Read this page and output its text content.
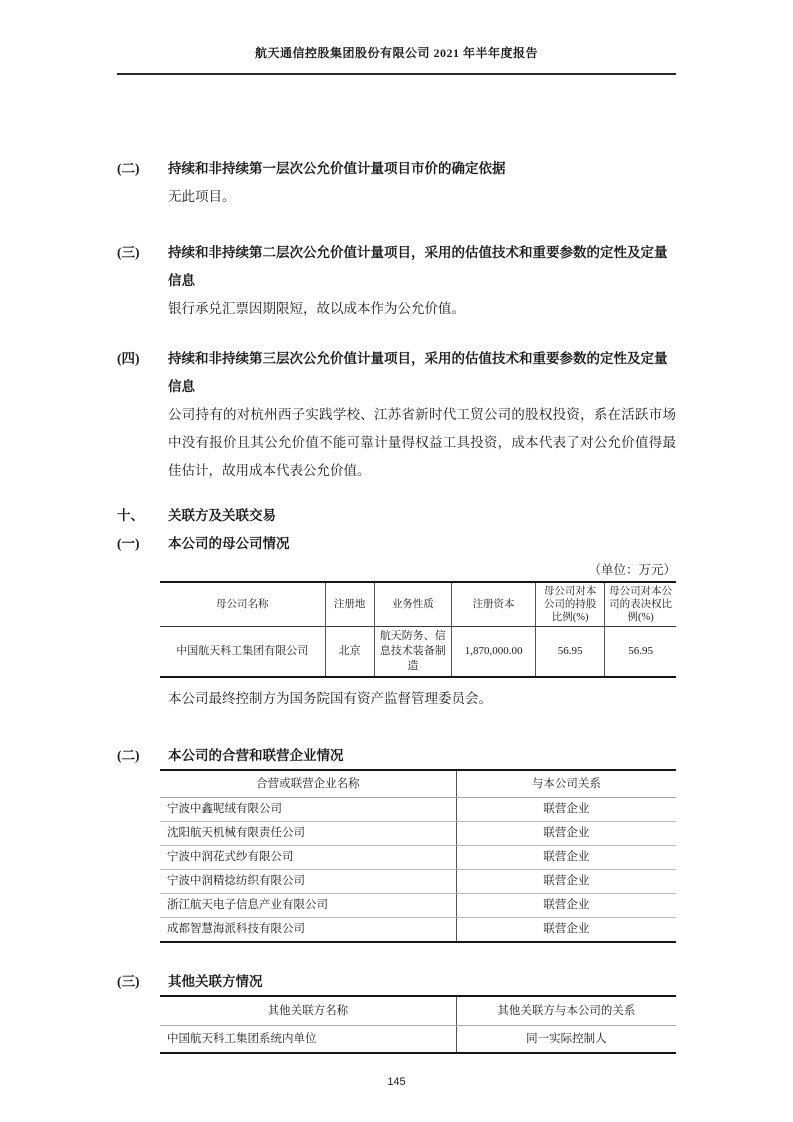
航天通信控股集团股份有限公司 2021 年半年度报告
(二) 持续和非持续第一层次公允价值计量项目市价的确定依据
无此项目。
(三) 持续和非持续第二层次公允价值计量项目，采用的估值技术和重要参数的定性及定量信息
银行承兑汇票因期限短，故以成本作为公允价值。
(四) 持续和非持续第三层次公允价值计量项目，采用的估值技术和重要参数的定性及定量信息
公司持有的对杭州西子实践学校、江苏省新时代工贸公司的股权投资，系在活跃市场中没有报价且其公允价值不能可靠计量得权益工具投资，成本代表了对公允价值得最佳估计，故用成本代表公允价值。
十、 关联方及关联交易
(一) 本公司的母公司情况
（单位：万元）
母公司名称	注册地	业务性质	注册资本	母公司对本公司的持股比例(%)	母公司对本公司的表决权比例(%)
中国航天科工集团有限公司	北京	航天防务、信息技术装备制造	1,870,000.00	56.95	56.95
本公司最终控制方为国务院国有资产监督管理委员会。
(二) 本公司的合营和联营企业情况
合营或联营企业名称	与本公司关系
宁波中鑫呢绒有限公司	联营企业
沈阳航天机械有限责任公司	联营企业
宁波中润花式纱有限公司	联营企业
宁波中润精捻纺织有限公司	联营企业
浙江航天电子信息产业有限公司	联营企业
成都智慧海派科技有限公司	联营企业
(三) 其他关联方情况
其他关联方名称	其他关联方与本公司的关系
中国航天科工集团系统内单位	同一实际控制人
145
